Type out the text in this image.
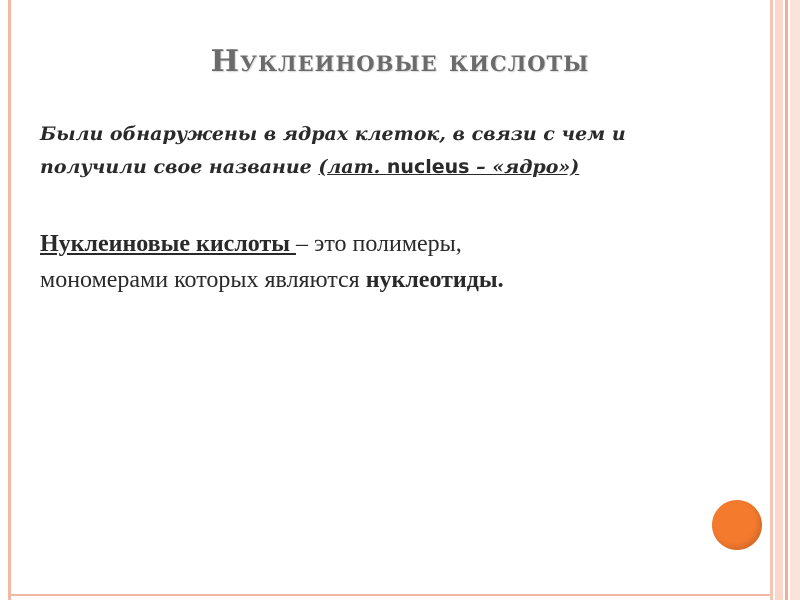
Нуклеиновые кислоты
Были обнаружены в ядрах клеток, в связи с чем и
получили свое название (лат. nucleus – «ядро»)
Нуклеиновые кислоты – это полимеры,
мономерами которых являются нуклеотиды.
